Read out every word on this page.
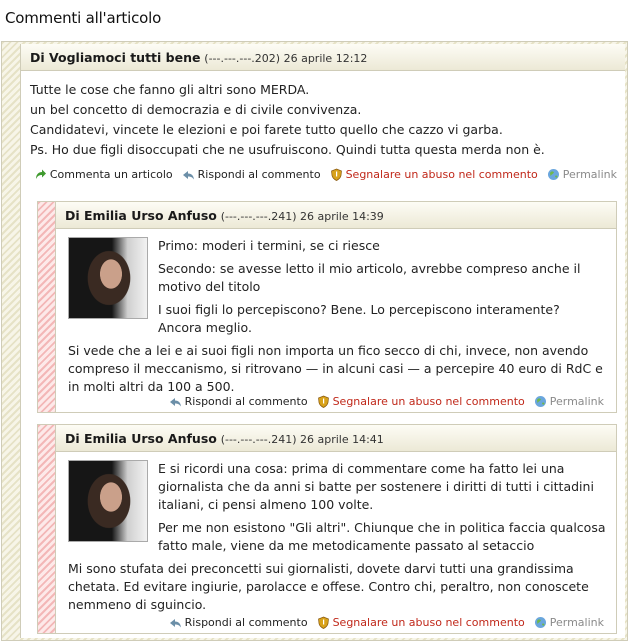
Commenti all'articolo
Di Vogliamoci tutti bene (---.---.---.202) 26 aprile 12:12

Tutte le cose che fanno gli altri sono MERDA.

un bel concetto di democrazia e di civile convivenza.

Candidatevi, vincete le elezioni e poi farete tutto quello che cazzo vi garba.

Ps. Ho due figli disoccupati che ne usufruiscono. Quindi tutta questa merda non è.

Commenta un articolo Rispondi al commento Segnalare un abuso nel commento Permalink
Di Emilia Urso Anfuso (---.---.---.241) 26 aprile 14:39

Primo: moderi i termini, se ci riesce

Secondo: se avesse letto il mio articolo, avrebbe compreso anche il motivo del titolo

I suoi figli lo percepiscono? Bene. Lo percepiscono interamente? Ancora meglio.

Si vede che a lei e ai suoi figli non importa un fico secco di chi, invece, non avendo compreso il meccanismo, si ritrovano — in alcuni casi — a percepire 40 euro di RdC e in molti altri da 100 a 500.

Rispondi al commento Segnalare un abuso nel commento Permalink
Di Emilia Urso Anfuso (---.---.---.241) 26 aprile 14:41

E si ricordi una cosa: prima di commentare come ha fatto lei una giornalista che da anni si batte per sostenere i diritti di tutti i cittadini italiani, ci pensi almeno 100 volte.

Per me non esistono "Gli altri". Chiunque che in politica faccia qualcosa fatto male, viene da me metodicamente passato al setaccio

Mi sono stufata dei preconcetti sui giornalisti, dovete darvi tutti una grandissima chetata. Ed evitare ingiurie, parolacce e offese. Contro chi, peraltro, non conoscete nemmeno di sguincio.

Rispondi al commento Segnalare un abuso nel commento Permalink
